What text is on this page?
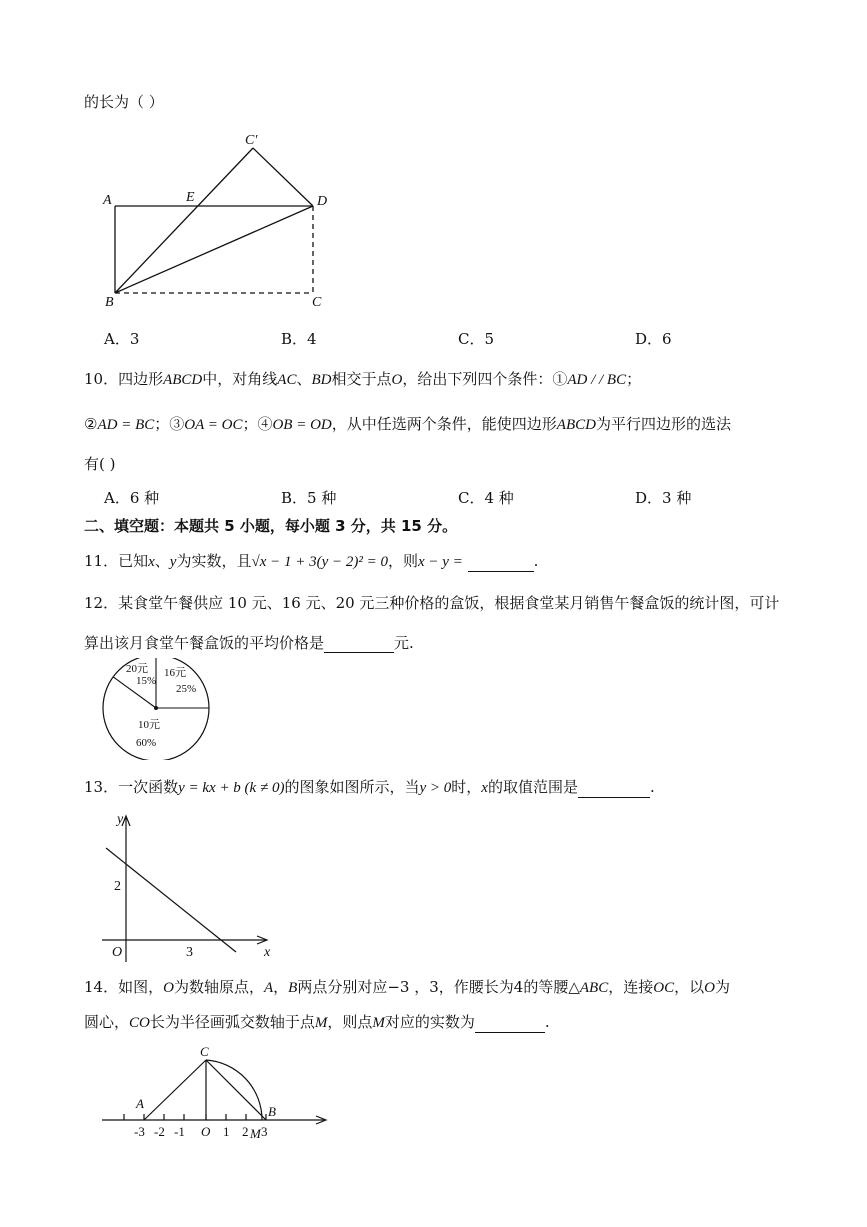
的长为（ ）
A	E
C′
D
B	C
A．3	B．4	C．5	D．6
10．四边形ABCD中，对角线AC、BD相交于点O，给出下列四个条件：①AD / / BC；
②AD = BC；③OA = OC；④OB = OD，从中任选两个条件，能使四边形ABCD为平行四边形的选法
有( )
A．6 种	B．5 种	C．4 种	D．3 种
二、填空题：本题共 5 小题，每小题 3 分，共 15 分。
11．已知x、y为实数，且√x − 1 + 3(y − 2)² = 0，则x − y =	.
12．某食堂午餐供应 10 元、16 元、20 元三种价格的盒饭，根据食堂某月销售午餐盒饭的统计图，可计
算出该月食堂午餐盒饭的平均价格是	元.
20元
15%
16元
25%
10元
60%
13．一次函数y = kx + b (k ≠ 0)的图象如图所示，当y > 0时，x的取值范围是	.
y
x
O
2
3
14．如图，O为数轴原点，A，B两点分别对应−3 ，3，作腰长为4的等腰△ABC，连接OC，以O为
圆心，CO长为半径画弧交数轴于点M，则点M对应的实数为	.
C
A
B
-3 -2 -1 O 1 2 M 3
